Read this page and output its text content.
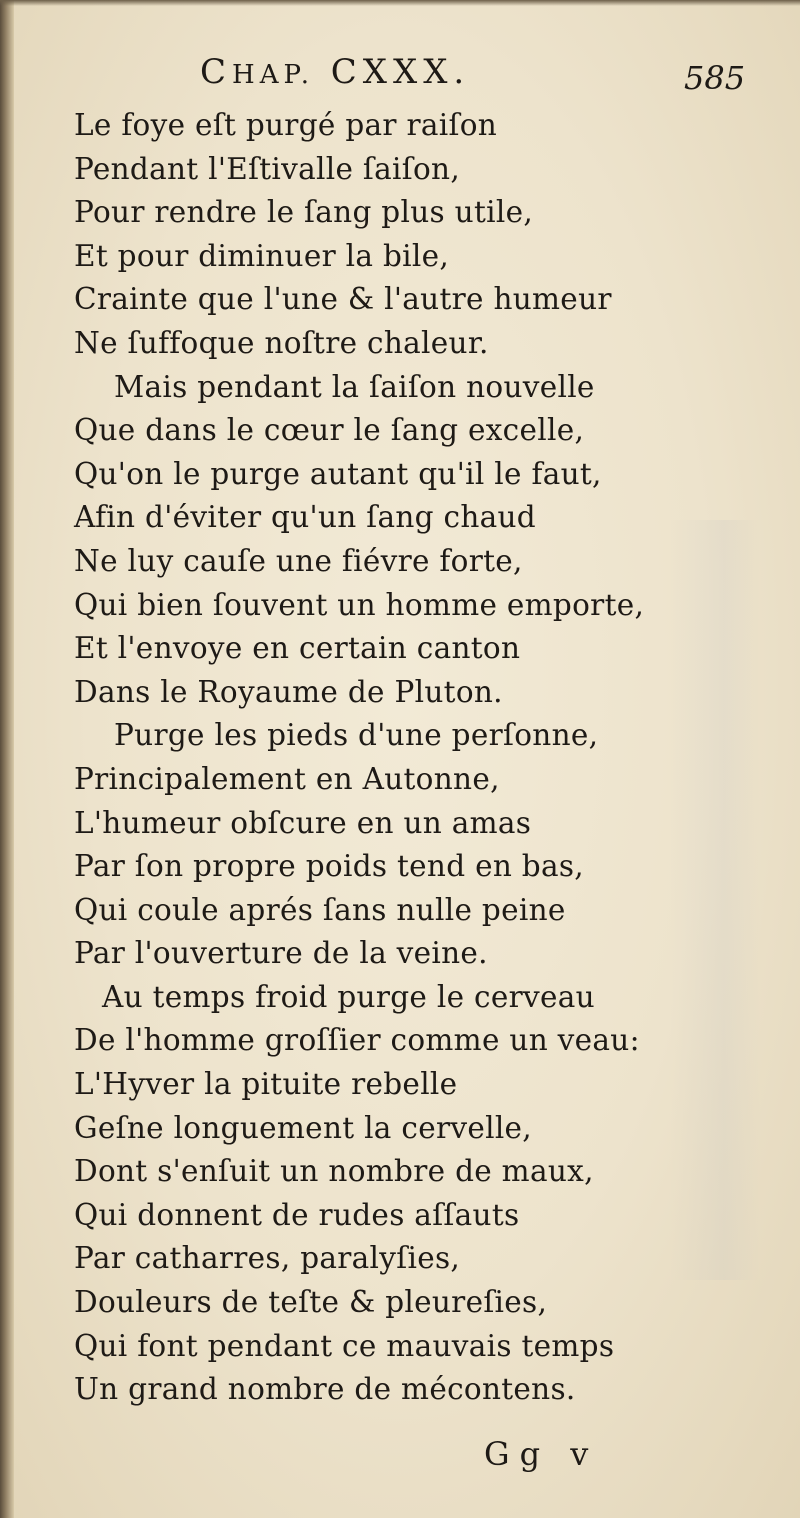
CHAP. CXXX.	585
Le foye eſt purgé par raiſon
Pendant l'Eſtivalle ſaiſon,
Pour rendre le ſang plus utile,
Et pour diminuer la bile,
Crainte que l'une & l'autre humeur
Ne ſuffoque noſtre chaleur.
Mais pendant la ſaiſon nouvelle
Que dans le cœur le ſang excelle,
Qu'on le purge autant qu'il le faut,
Afin d'éviter qu'un ſang chaud
Ne luy cauſe une fiévre forte,
Qui bien ſouvent un homme emporte,
Et l'envoye en certain canton
Dans le Royaume de Pluton.
Purge les pieds d'une perſonne,
Principalement en Autonne,
L'humeur obſcure en un amas
Par ſon propre poids tend en bas,
Qui coule aprés ſans nulle peine
Par l'ouverture de la veine.
Au temps froid purge le cerveau
De l'homme groſſier comme un veau:
L'Hyver la pituite rebelle
Geſne longuement la cervelle,
Dont s'enſuit un nombre de maux,
Qui donnent de rudes aſſauts
Par catharres, paralyſies,
Douleurs de teſte & pleureſies,
Qui font pendant ce mauvais temps
Un grand nombre de mécontens.
Gg v
